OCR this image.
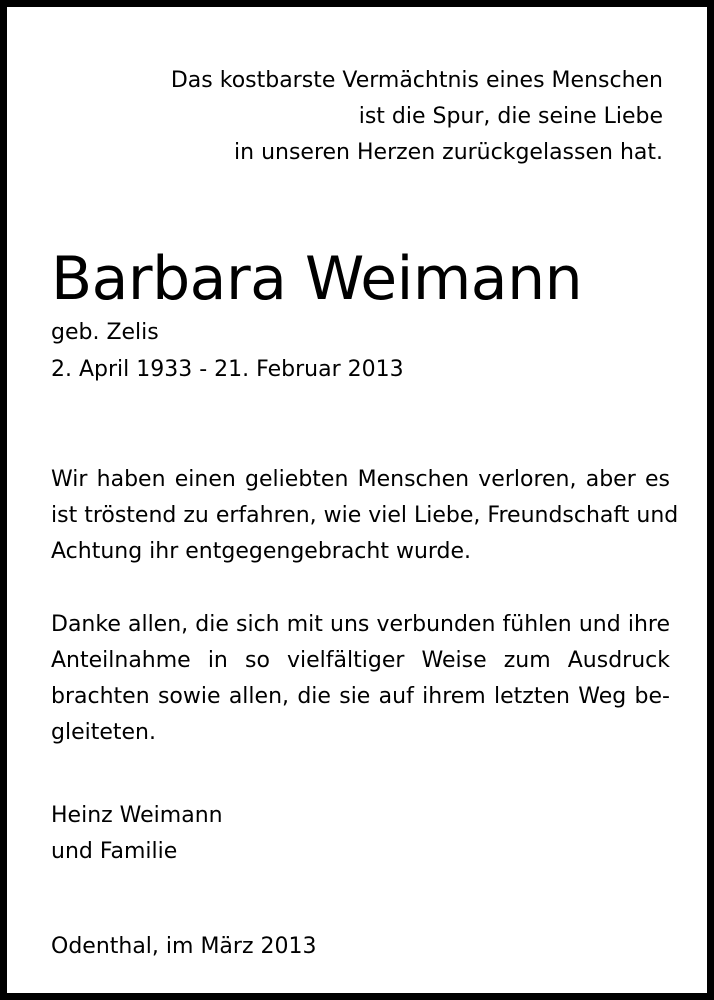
Das kostbarste Vermächtnis eines Menschen
ist die Spur, die seine Liebe
in unseren Herzen zurückgelassen hat.
Barbara Weimann
geb. Zelis
2. April 1933 - 21. Februar 2013
Wir haben einen geliebten Menschen verloren, aber es
ist tröstend zu erfahren, wie viel Liebe, Freundschaft und
Achtung ihr entgegengebracht wurde.
Danke allen, die sich mit uns verbunden fühlen und ihre
Anteilnahme in so vielfältiger Weise zum Ausdruck
brachten sowie allen, die sie auf ihrem letzten Weg be-
gleiteten.
Heinz Weimann
und Familie
Odenthal, im März 2013
